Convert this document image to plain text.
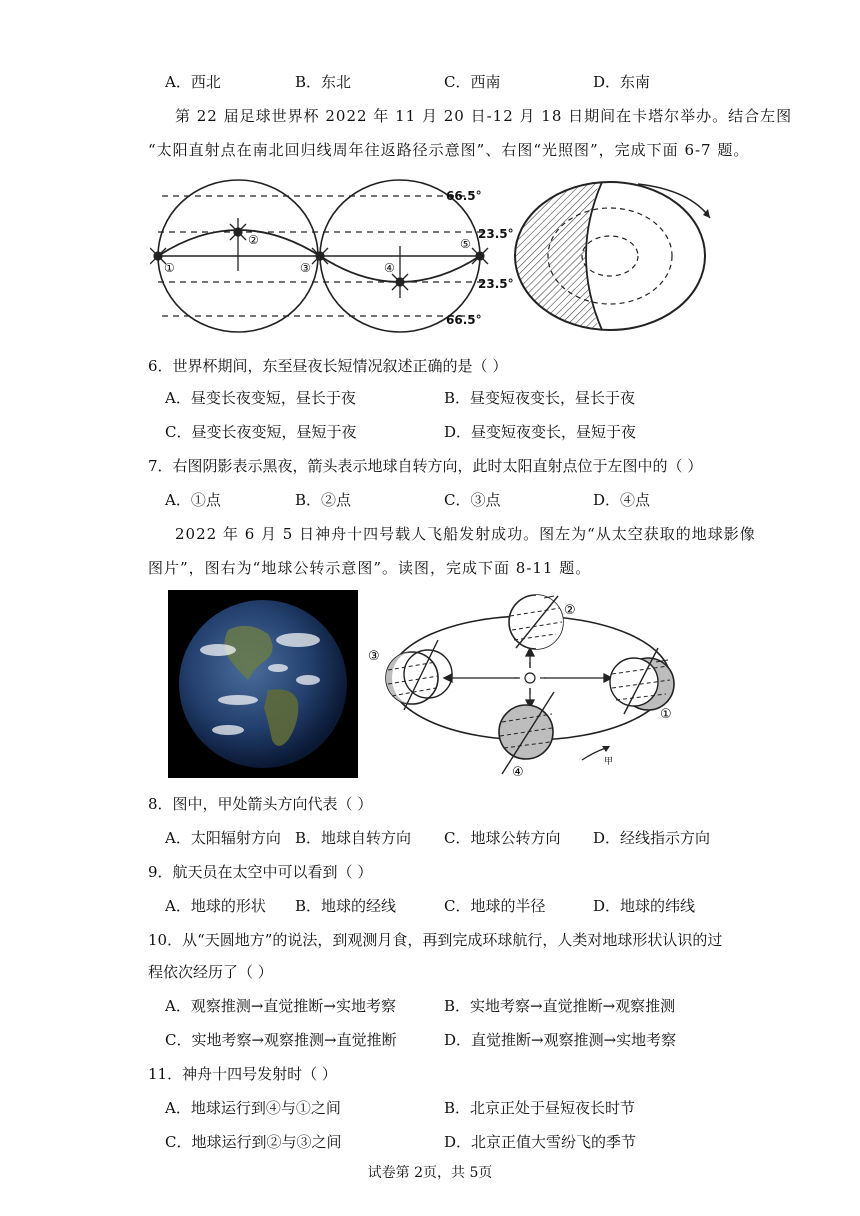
A．西北	B．东北	C．西南	D．东南
第 22 届足球世界杯 2022 年 11 月 20 日-12 月 18 日期间在卡塔尔举办。结合左图
“太阳直射点在南北回归线周年往返路径示意图”、右图“光照图”，完成下面 6-7 题。
①
②
③	④
⑤
66.5°
23.5°
23.5°
66.5°
6．世界杯期间，东至昼夜长短情况叙述正确的是（ ）
A．昼变长夜变短，昼长于夜	B．昼变短夜变长，昼长于夜
C．昼变长夜变短，昼短于夜	D．昼变短夜变长，昼短于夜
7．右图阴影表示黑夜，箭头表示地球自转方向，此时太阳直射点位于左图中的（ ）
A．①点	B．②点	C．③点	D．④点
2022 年 6 月 5 日神舟十四号载人飞船发射成功。图左为“从太空获取的地球影像
图片”，图右为“地球公转示意图”。读图，完成下面 8-11 题。
②
③
①
④
甲
8．图中，甲处箭头方向代表（ ）
A．太阳辐射方向 B．地球自转方向 C．地球公转方向 D．经线指示方向
9．航天员在太空中可以看到（ ）
A．地球的形状 B．地球的经线	C．地球的半径	D．地球的纬线
10．从“天圆地方”的说法，到观测月食，再到完成环球航行，人类对地球形状认识的过
程依次经历了（ ）
A．观察推测→直觉推断→实地考察	B．实地考察→直觉推断→观察推测
C．实地考察→观察推测→直觉推断	D．直觉推断→观察推测→实地考察
11．神舟十四号发射时（ ）
A．地球运行到④与①之间	B．北京正处于昼短夜长时节
C．地球运行到②与③之间	D．北京正值大雪纷飞的季节
试卷第 2页，共 5页
